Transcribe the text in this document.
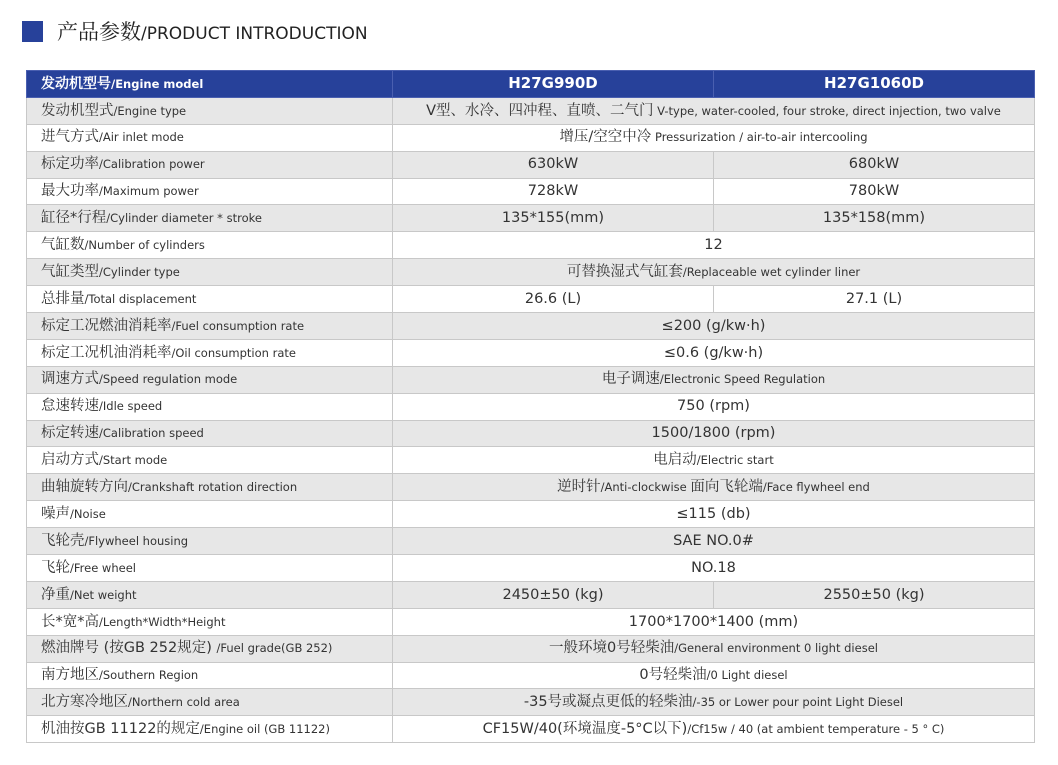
产品参数/PRODUCT INTRODUCTION
发动机型号/Engine model	H27G990D	H27G1060D
发动机型式/Engine type	V型、水冷、四冲程、直喷、二气门 V-type, water-cooled, four stroke, direct injection, two valve	
进气方式/Air inlet mode	增压/空空中冷 Pressurization / air-to-air intercooling	
标定功率/Calibration power	630kW	680kW
最大功率/Maximum power	728kW	780kW
缸径*行程/Cylinder diameter * stroke	135*155(mm)	135*158(mm)
气缸数/Number of cylinders	12	
气缸类型/Cylinder type	可替换湿式气缸套/Replaceable wet cylinder liner	
总排量/Total displacement	26.6 (L)	27.1 (L)
标定工况燃油消耗率/Fuel consumption rate	≤200 (g/kw·h)	
标定工况机油消耗率/Oil consumption rate	≤0.6 (g/kw·h)	
调速方式/Speed regulation mode	电子调速/Electronic Speed Regulation	
怠速转速/Idle speed	750 (rpm)	
标定转速/Calibration speed	1500/1800 (rpm)	
启动方式/Start mode	电启动/Electric start	
曲轴旋转方向/Crankshaft rotation direction	逆时针/Anti-clockwise 面向飞轮端/Face flywheel end	
噪声/Noise	≤115 (db)	
飞轮壳/Flywheel housing	SAE NO.0#	
飞轮/Free wheel	NO.18	
净重/Net weight	2450±50 (kg)	2550±50 (kg)
长*宽*高/Length*Width*Height	1700*1700*1400 (mm)	
燃油牌号 (按GB 252规定) /Fuel grade(GB 252)	一般环境0号轻柴油/General environment 0 light diesel	
南方地区/Southern Region	0号轻柴油/0 Light diesel	
北方寒冷地区/Northern cold area	-35号或凝点更低的轻柴油/-35 or Lower pour point Light Diesel	
机油按GB 11122的规定/Engine oil (GB 11122)	CF15W/40(环境温度-5°C以下)/Cf15w / 40 (at ambient temperature - 5 ° C)	
